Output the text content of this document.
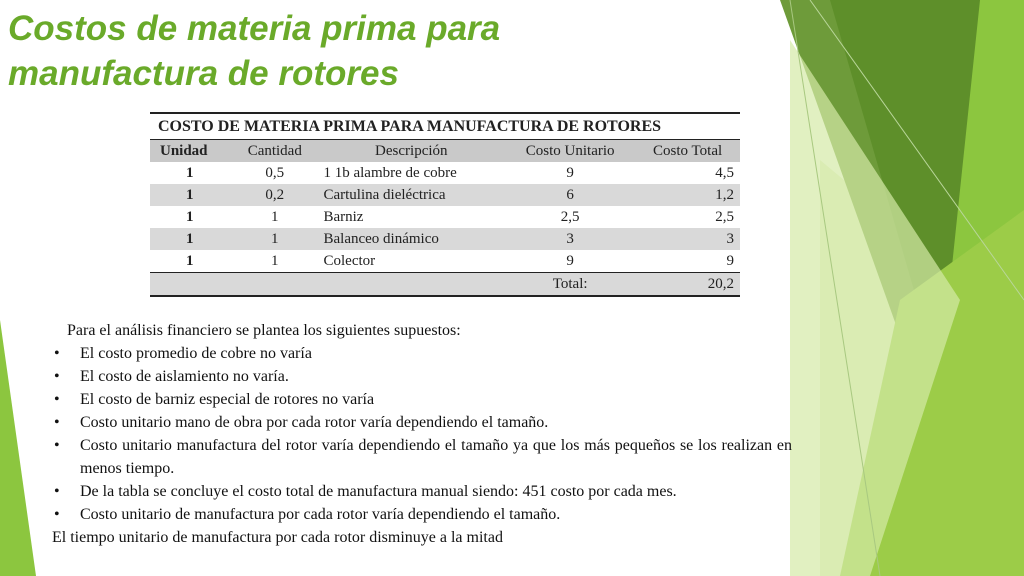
Costos de materia prima para
manufactura de rotores
COSTO DE MATERIA PRIMA PARA MANUFACTURA DE ROTORES
Unidad	Cantidad	Descripción	Costo Unitario	Costo Total
1	0,5	1 1b alambre de cobre	9	4,5
1	0,2	Cartulina dieléctrica	6	1,2
1	1	Barniz	2,5	2,5
1	1	Balanceo dinámico	3	3
1	1	Colector	9	9
			Total:	20,2

Para el análisis financiero se plantea los siguientes supuestos:

• El costo promedio de cobre no varía
• El costo de aislamiento no varía.
• El costo de barniz especial de rotores no varía
• Costo unitario mano de obra por cada rotor varía dependiendo el tamaño.
• Costo unitario manufactura del rotor varía dependiendo el tamaño ya que los más pequeños se los realizan en menos tiempo.
• De la tabla se concluye el costo total de manufactura manual siendo: 451 costo por cada mes.
• Costo unitario de manufactura por cada rotor varía dependiendo el tamaño.

El tiempo unitario de manufactura por cada rotor disminuye a la mitad
